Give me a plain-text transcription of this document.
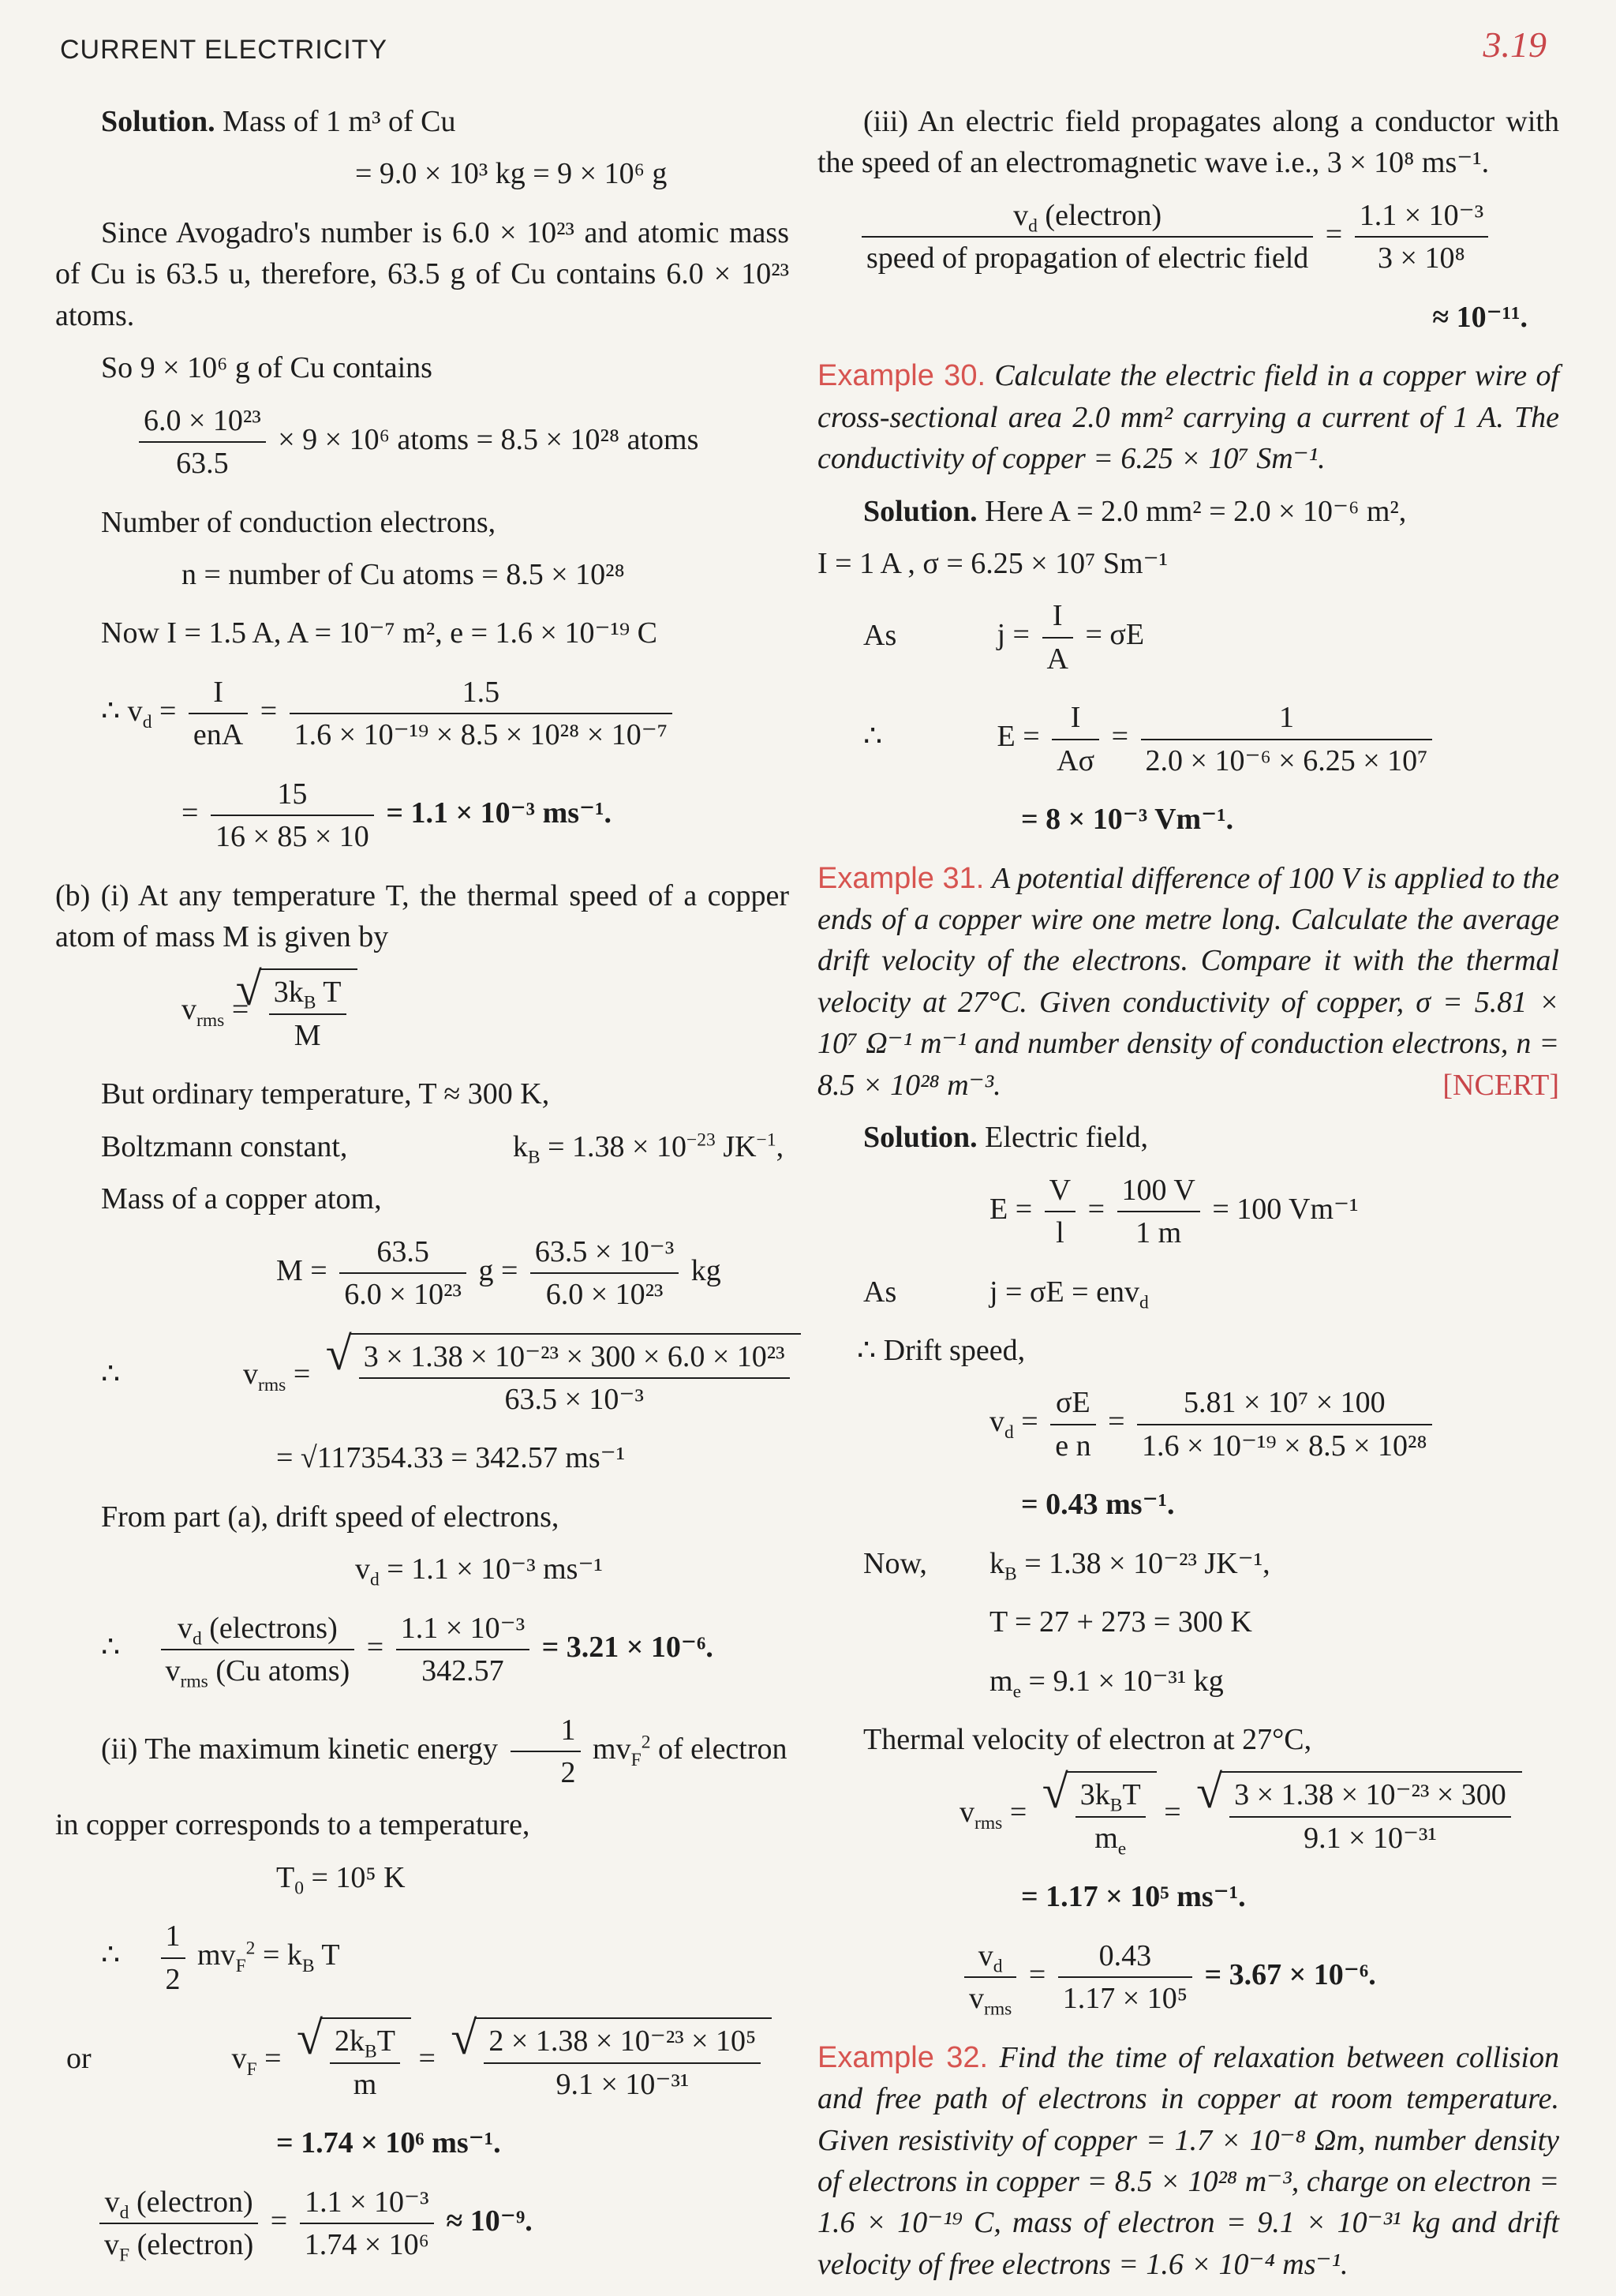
CURRENT ELECTRICITY	3.19

Solution. Mass of 1 m³ of Cu

= 9.0 × 10³ kg = 9 × 10⁶ g

Since Avogadro's number is 6.0 × 10²³ and atomic mass of Cu is 63.5 u, therefore, 63.5 g of Cu contains 6.0 × 10²³ atoms.

So 9 × 10⁶ g of Cu contains

$\frac{\text{6.0 × 10²³}}{63.5} \times 9 \times 10^6$ atoms = 8.5 × 10²⁸ atoms

Number of conduction electrons,

n = number of Cu atoms = 8.5 × 10²⁸
Now I = 1.5 A, A = 10⁻⁷ m², e = 1.6 × 10⁻¹⁹ C
∴ $v_d = \frac{I}{\text{enA}} = \frac{1.5}{\text{1.6 × 10⁻¹⁹ × 8.5 × 10²⁸ × 10⁻⁷}}$
= $\frac{15}{16 \times 85 \times 10} = 1.1 \times 10^{-3}$ ms⁻¹.

(b) (i) At any temperature T, the thermal speed of a copper atom of mass M is given by

$v_{rms}$ = √ $\frac{3k_B T}{M}$

But ordinary temperature, T ≈ 300 K,

Boltzmann constant,	$k_B = 1.38 \times 10^{-23}$ $JK^{-1}$,

Mass of a copper atom,

$M = \frac{63.5}{\text{6.0 × 10²³}}$ $g = \frac{\text{63.5 × 10⁻³}}{\text{6.0 × 10²³}}$ kg
∴	$v_{rms}$ = √ $\frac{\text{3 × 1.38 × 10⁻²³ × 300 × 6.0 × 10²³}}{\text{63.5 × 10⁻³}}$
= √117354.33 = 342.57 ms⁻¹

From part (a), drift speed of electrons,

$v_d = 1.1 \times 10^{-3}$ ms⁻¹
∴ $\frac{v_d (electrons)}{v_{rms} (Cu atoms)} = \frac{\text{1.1 × 10⁻³}}{342.57} = 3.21 \times 10^{-6}$.

(ii) The maximum kinetic energy $\frac{1}{2} mv_F^2$ of electron

in copper corresponds to a temperature,

$T_0 = 10^5$ K
∴ $\frac{1}{2} mv_F^2 = k_B$ T
or	$v_F$ = √ $\frac{2k_BT}{m}$ = √ $\frac{\text{2 × 1.38 × 10⁻²³ × 10⁵}}{\text{9.1 × 10⁻³¹}}$
= 1.74 × 10⁶ ms⁻¹.
$\frac{v_d (electron)}{v_F (electron)} = \frac{\text{1.1 × 10⁻³}}{\text{1.74 × 10⁶}} \approx 10^{-9}$.

(iii) An electric field propagates along a conductor with the speed of an electromagnetic wave i.e., 3 × 10⁸ ms⁻¹.

$\frac{v_d (electron)}{\text{speed of propagation of electric field}} = \frac{\text{1.1 × 10⁻³}}{\text{3 × 10⁸}}$
≈ 10⁻¹¹.

Example 30. Calculate the electric field in a copper wire of cross-sectional area 2.0 mm² carrying a current of 1 A. The conductivity of copper = 6.25 × 10⁷ Sm⁻¹.

Solution. Here A = 2.0 mm² = 2.0 × 10⁻⁶ m²,

I = 1 A , σ = 6.25 × 10⁷ Sm⁻¹

As	$j = \frac{I}{A} = \sigma E$
∴	$E = \frac{I}{A\sigma} = \frac{1}{\text{2.0 × 10⁻⁶ × 6.25 × 10⁷}}$
= 8 × 10⁻³ Vm⁻¹.

Example 31. A potential difference of 100 V is applied to the ends of a copper wire one metre long. Calculate the average drift velocity of the electrons. Compare it with the thermal velocity at 27°C. Given conductivity of copper, σ = 5.81 × 10⁷ Ω⁻¹ m⁻¹ and number density of conduction electrons, n = 8.5 × 10²⁸ m⁻³.	[NCERT]

Solution. Electric field,

$E = \frac{V}{l} = \frac{100 V}{1 m} = 100$ Vm⁻¹
As	j = σE = env$_d$

∴ Drift speed,

$v_d = \frac{\sigma E}{\text{e n}} = \frac{\text{5.81 × 10⁷ × 100}}{\text{1.6 × 10⁻¹⁹ × 8.5 × 10²⁸}}$
= 0.43 ms⁻¹.
Now, $k_B = 1.38 \times 10^{-23}$ JK⁻¹,
T = 27 + 273 = 300 K
$m_e = 9.1 \times 10^{-31}$ kg

Thermal velocity of electron at 27°C,

$v_{rms}$ = √ $\frac{3k_BT}{m_e}$ = √ $\frac{\text{3 × 1.38 × 10⁻²³ × 300}}{\text{9.1 × 10⁻³¹}}$
= 1.17 × 10⁵ ms⁻¹.
$\frac{v_d}{v_{rms}} = \frac{0.43}{\text{1.17 × 10⁵}} = 3.67 \times 10^{-6}$.

Example 32. Find the time of relaxation between collision and free path of electrons in copper at room temperature. Given resistivity of copper = 1.7 × 10⁻⁸ Ωm, number density of electrons in copper = 8.5 × 10²⁸ m⁻³, charge on electron = 1.6 × 10⁻¹⁹ C, mass of electron = 9.1 × 10⁻³¹ kg and drift velocity of free electrons = 1.6 × 10⁻⁴ ms⁻¹.
